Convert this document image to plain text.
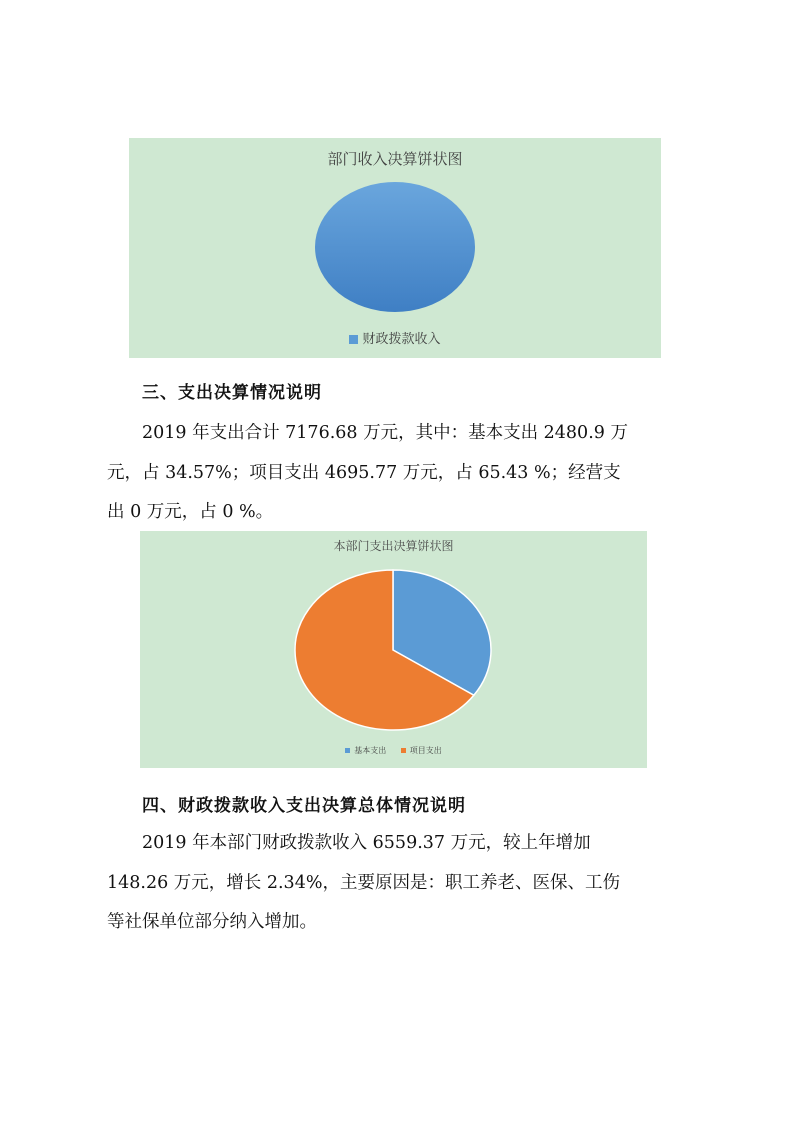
部门收入决算饼状图
财政拨款收入
三、支出决算情况说明
2019 年支出合计 7176.68 万元，其中：基本支出 2480.9 万
元，占 34.57%；项目支出 4695.77 万元，占 65.43 %；经营支
出 0 万元，占 0 %。
本部门支出决算饼状图
基本支出	项目支出
四、财政拨款收入支出决算总体情况说明
2019 年本部门财政拨款收入 6559.37 万元，较上年增加
148.26 万元，增长 2.34%，主要原因是：职工养老、医保、工伤
等社保单位部分纳入增加。
